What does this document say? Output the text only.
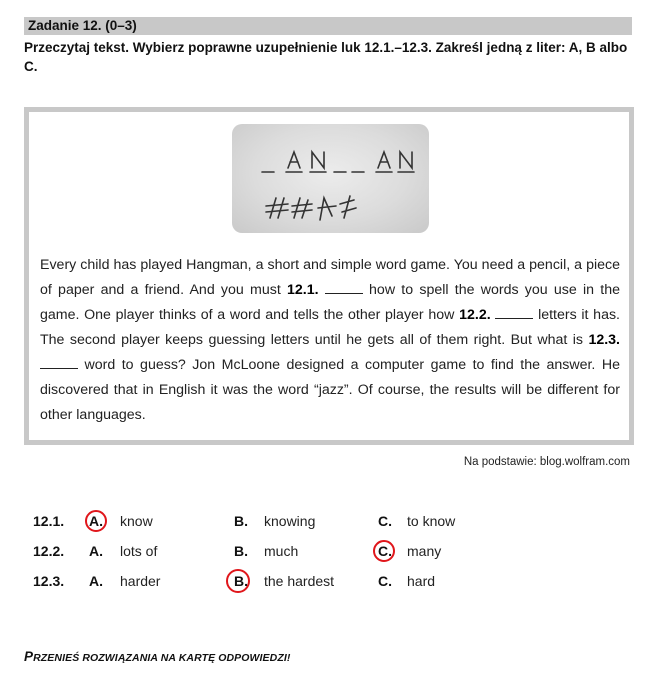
Zadanie 12. (0–3)
Przeczytaj tekst. Wybierz poprawne uzupełnienie luk 12.1.–12.3. Zakreśl jedną z liter: A, B albo C.
Every child has played Hangman, a short and simple word game. You need a pencil, a piece of paper and a friend. And you must 12.1.	how to spell the words you use in the game. One player thinks of a word and tells the other player how 12.2.	letters it has. The second player keeps guessing letters until he gets all of them right. But what is 12.3.  word to guess? Jon McLoone designed a computer game to find the answer. He discovered that in English it was the word “jazz”. Of course, the results will be different for other languages.
Na podstawie: blog.wolfram.com
12.1. A. know	B. knowing	C. to know
12.2. A. lots of	B. much	C. many
12.3. A. harder	B. the hardest	C. hard
PRZENIEŚ ROZWIĄZANIA NA KARTĘ ODPOWIEDZI!
